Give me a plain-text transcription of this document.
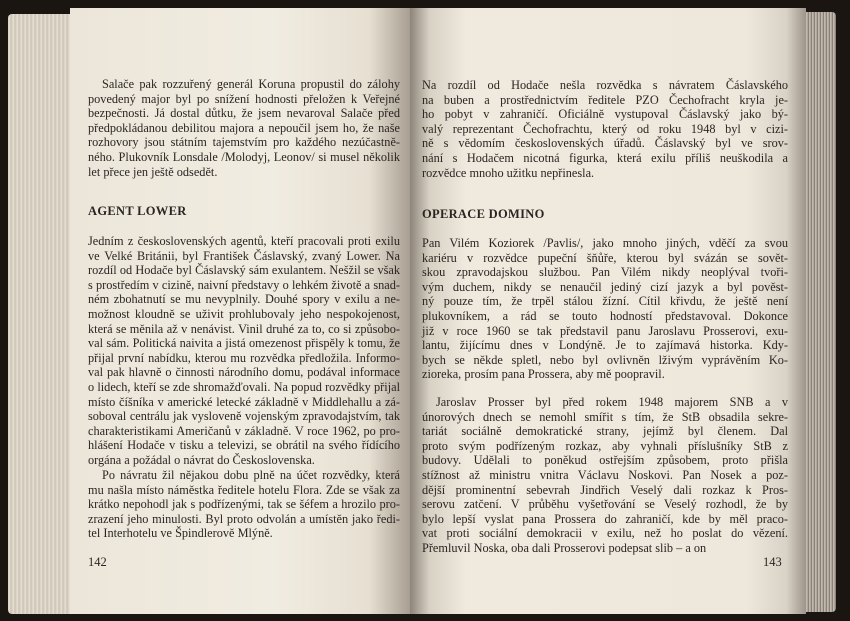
AGENT LOWER
142
Salače pak rozzuřený generál Koruna propustil do zálohy
povedený major byl po snížení hodnosti přeložen k Veřejné
bezpečnosti. Já dostal důtku, že jsem nevaroval Salače před
předpokládanou debilitou majora a nepoučil jsem ho, že naše
rozhovory jsou státním tajemstvím pro každého nezúčastně-
ného. Plukovník Lonsdale /Molodyj, Leonov/ si musel několik
let přece jen ještě odsedět.
Jedním z československých agentů, kteří pracovali proti exilu
ve Velké Británii, byl František Čáslavský, zvaný Lower. Na
rozdíl od Hodače byl Čáslavský sám exulantem. Nešžil se však
s prostředím v cizině, naivní představy o lehkém životě a snad-
ném zbohatnutí se mu nevyplnily. Douhé spory v exilu a ne-
možnost kloudně se uživit prohlubovaly jeho nespokojenost,
která se měnila až v nenávist. Vinil druhé za to, co si způsobo-
val sám. Politická naivita a jistá omezenost přispěly k tomu, že
přijal první nabídku, kterou mu rozvědka předložila. Informo-
val pak hlavně o činnosti národního domu, podával informace
o lidech, kteří se zde shromažďovali. Na popud rozvědky přijal
místo číšníka v americké letecké základně v Middlehallu a zá-
soboval centrálu jak vysloveně vojenským zpravodajstvím, tak
charakteristikami Američanů v základně. V roce 1962, po pro-
hlášení Hodače v tisku a televizi, se obrátil na svého řídícího
orgána a požádal o návrat do Československa.
Po návratu žil nějakou dobu plně na účet rozvědky, která
mu našla místo náměstka ředitele hotelu Flora. Zde se však za
krátko nepohodl jak s podřízenými, tak se šéfem a hrozilo pro-
zrazení jeho minulosti. Byl proto odvolán a umístěn jako ředi-
tel Interhotelu ve Špindlerově Mlýně.
OPERACE DOMINO
143
Na rozdíl od Hodače nešla rozvědka s návratem Čáslavského
na buben a prostřednictvím ředitele PZO Čechofracht kryla je-
ho pobyt v zahraničí. Oficiálně vystupoval Čáslavský jako bý-
valý reprezentant Čechofrachtu, který od roku 1948 byl v cizi-
ně s vědomím československých úřadů. Čáslavský byl ve srov-
nání s Hodačem nicotná figurka, která exilu příliš neuškodila a
rozvědce mnoho užitku nepřinesla.
Pan Vilém Koziorek /Pavlis/, jako mnoho jiných, vděčí za svou
kariéru v rozvědce pupeční šňůře, kterou byl svázán se sovět-
skou zpravodajskou službou. Pan Vilém nikdy neoplýval tvoři-
vým duchem, nikdy se nenaučil jediný cizí jazyk a byl pověst-
ný pouze tím, že trpěl stálou žízní. Cítil křivdu, že ještě není
plukovníkem, a rád se touto hodností představoval. Dokonce
již v roce 1960 se tak představil panu Jaroslavu Prosserovi, exu-
lantu, žijícímu dnes v Londýně. Je to zajímavá historka. Kdy-
bych se někde spletl, nebo byl ovlivněn lživým vyprávěním Ko-
zioreka, prosím pana Prossera, aby mě poopravil.
Jaroslav Prosser byl před rokem 1948 majorem SNB a v
únorových dnech se nemohl smířit s tím, že StB obsadila sekre-
tariát sociálně demokratické strany, jejímž byl členem. Dal
proto svým podřízeným rozkaz, aby vyhnali příslušníky StB z
budovy. Udělali to poněkud ostřejším způsobem, proto přišla
stížnost až ministru vnitra Václavu Noskovi. Pan Nosek a poz-
dější prominentní sebevrah Jindřich Veselý dali rozkaz k Pros-
serovu zatčení. V průběhu vyšetřování se Veselý rozhodl, že by
bylo lepší vyslat pana Prossera do zahraničí, kde by měl praco-
vat proti sociální demokracii v exilu, než ho poslat do vězení.
Přemluvil Noska, oba dali Prosserovi podepsat slib – a on
